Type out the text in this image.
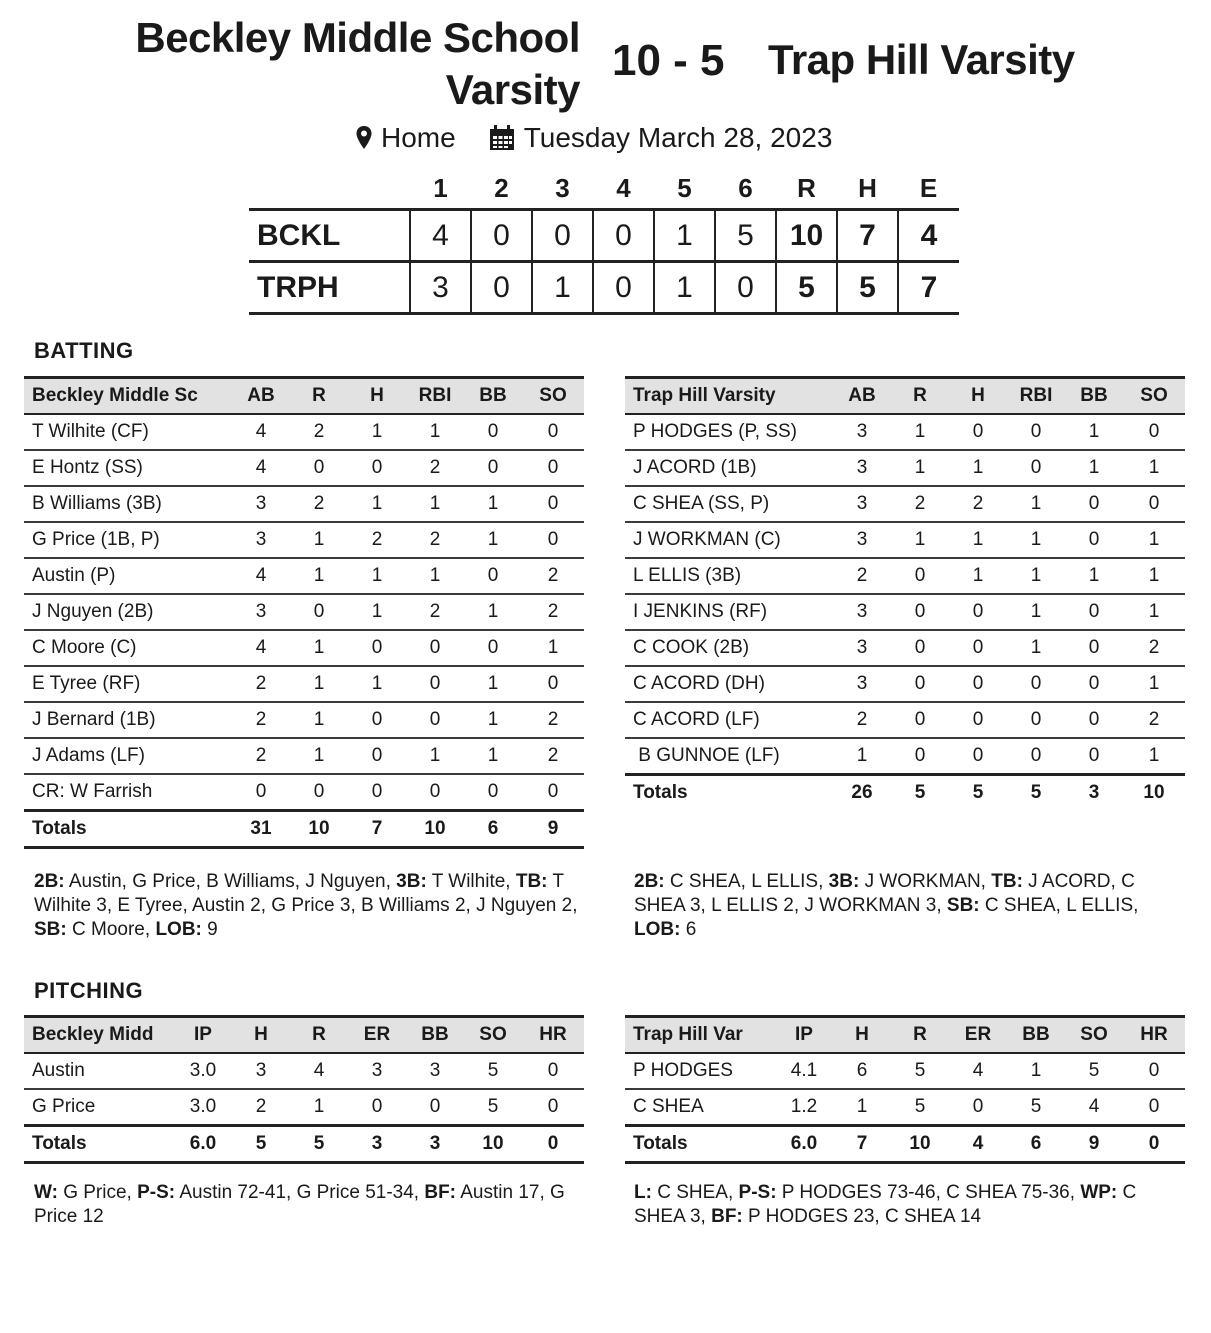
Beckley Middle School
Varsity
10 - 5 Trap Hill Varsity
Home Tuesday March 28, 2023
	1	2	3	4	5	6	R	H	E
BCKL	4	0	0	0	1	5	10	7	4
TRPH	3	0	1	0	1	0	5	5	7
BATTING
Beckley Middle Sc	AB	R	H	RBI	BB	SO
T Wilhite (CF)	4	2	1	1	0	0
E Hontz (SS)	4	0	0	2	0	0
B Williams (3B)	3	2	1	1	1	0
G Price (1B, P)	3	1	2	2	1	0
Austin (P)	4	1	1	1	0	2
J Nguyen (2B)	3	0	1	2	1	2
C Moore (C)	4	1	0	0	0	1
E Tyree (RF)	2	1	1	0	1	0
J Bernard (1B)	2	1	0	0	1	2
J Adams (LF)	2	1	0	1	1	2
CR: W Farrish	0	0	0	0	0	0
Totals	31	10	7	10	6	9
Trap Hill Varsity	AB	R	H	RBI	BB	SO
P HODGES (P, SS)	3	1	0	0	1	0
J ACORD (1B)	3	1	1	0	1	1
C SHEA (SS, P)	3	2	2	1	0	0
J WORKMAN (C)	3	1	1	1	0	1
L ELLIS (3B)	2	0	1	1	1	1
I JENKINS (RF)	3	0	0	1	0	1
C COOK (2B)	3	0	0	1	0	2
C ACORD (DH)	3	0	0	0	0	1
C ACORD (LF)	2	0	0	0	0	2
B GUNNOE (LF)	1	0	0	0	0	1
Totals	26	5	5	5	3	10
2B: Austin, G Price, B Williams, J Nguyen, 3B: T Wilhite, TB: T Wilhite 3, E Tyree, Austin 2, G Price 3, B Williams 2, J Nguyen 2, SB: C Moore, LOB: 9
2B: C SHEA, L ELLIS, 3B: J WORKMAN, TB: J ACORD, C SHEA 3, L ELLIS 2, J WORKMAN 3, SB: C SHEA, L ELLIS, LOB: 6
PITCHING
Beckley Midd	IP	H	R	ER	BB	SO	HR
Austin	3.0	3	4	3	3	5	0
G Price	3.0	2	1	0	0	5	0
Totals	6.0	5	5	3	3	10	0
Trap Hill Var	IP	H	R	ER	BB	SO	HR
P HODGES	4.1	6	5	4	1	5	0
C SHEA	1.2	1	5	0	5	4	0
Totals	6.0	7	10	4	6	9	0
W: G Price, P-S: Austin 72-41, G Price 51-34, BF: Austin 17, G Price 12
L: C SHEA, P-S: P HODGES 73-46, C SHEA 75-36, WP: C SHEA 3, BF: P HODGES 23, C SHEA 14
